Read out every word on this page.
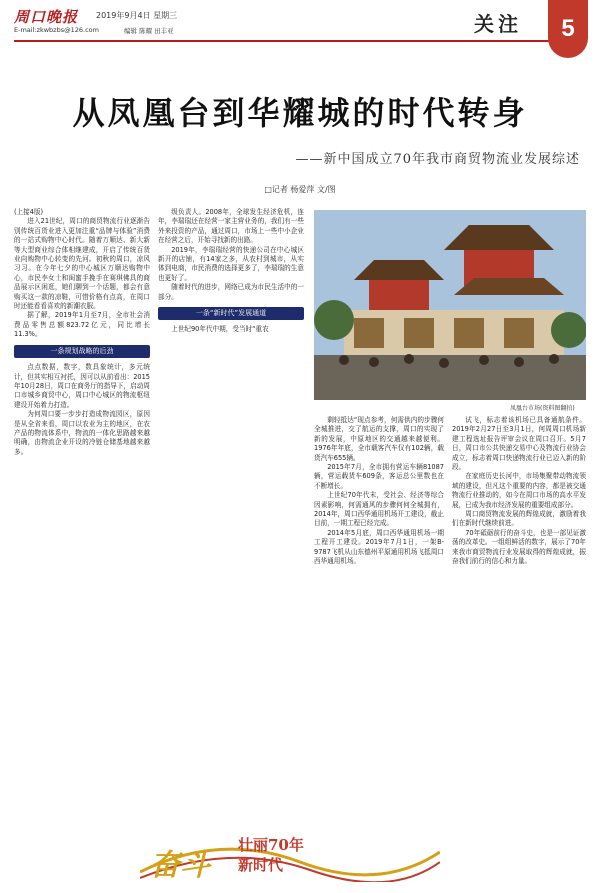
周口晚报 2019年9月4日 星期三
E-mail:zkwbzbs@126.com	编辑 陈耀 田丰亚	关注	5
从凤凰台到华耀城的时代转身
——新中国成立70年我市商贸物流业发展综述
□记者 杨爱萍 文/图

(上接4版)

进入21世纪，周口的商贸物流行业逐渐告别传统百货业进入更加注重“品牌与体验”消费的一站式购物中心时代。随着万顺达、新大新等大型商业综合体相继建成，开启了传统百货业向购物中心转变的先河。初秋的周口，凉风习习。在今年七夕的中心城区万顺达购物中心，市民李女士和闺蜜手挽手在赛琪佛具的商品展示区闲逛，她们聊到一个话题，都会有意购买这一款的凉鞋，可惜价格有点高，在周口时还能看看喜欢的新潮衣服。

据了解，2019年1月至7月，全市社会消费品零售总额823.72亿元，同比增长11.3%。

一条规划战略的后劲

点点数据，数字，数具象统计，多元统计，但其实相互衬托，因可以从前看出：2015年10月28日，周口在商务厅的指导下，启动周口市城乡商贸中心，周口中心城区的物流枢纽建设开始着力打造。

为何周口要一步步打造成物流园区，原因是从全省来看，周口以农业为主的地区，在农产品的物流体系中，物流的一体化思路越来越明确，由物流企业开设的冷链仓储基地越来越多。

级负责人。2008年，全球发生经济危机，连年，李瑞瑞还在经营一家主营业务的，我们有一些外来投资的产品，通过周口，市场上一些中小企业在经营之后，开始寻找新的出路。

2019年，李瑞瑞经营的快递公司在中心城区新开的店铺，有14家之多，从农村到城市，从实体到电商，市民消费的选择更多了，李瑞瑞的生意也更好了。

随着时代的进步，网络已成为市民生活中的一部分。

一条“新时代”发展通道

上世纪90年代中期，受当时“重农

凤凰台市场(资料图翻拍)

剩轻抵达“现点参考，何需供内的步骤何全城推进，交了航运的支撑，周口的实现了新的发展，中原地区的交通越来越便利。1976年年底，全市载客汽车仅有102辆，载货汽车655辆。

2015年7月，全市拥有营运车辆81087辆，营运载货车609条，客运总公里数也在不断增长。

上世纪70年代末，受社会、经济等综合因素影响，何需通风的步骤何何全城拥有，2014年，周口西华通用机场开工建设，截止目前，一期工程已经完成。

2014年5月底，周口西华通用机场一期工程开工建设。2019年7月1日，一架B-9787飞机从山东德州平原通用机场飞抵周口西华通用机场。

试飞，标志着该机场已具备通航条件。2019年2月27日至3月1日，何周周口机场新建工程选址报告评审会议在周口召开。5月7日，周口市公共快递交易中心及物流行业协会成立，标志着周口快递物流行业已迈入新的阶段。

在家庭历史长河中，市场集聚带动物流领域的建设，但凡这个重要的内容，都是被交通物流行业推动的，如今在周口市场的高水平发展，已成为我市经济发展的重要组成部分。

周口商贸物流发展的辉煌成就，激励着我们在新时代继续前进。

70年砥砺前行的奋斗史，也是一部见证激荡的改革史。一组组鲜活的数字，展示了70年来我市商贸物流行业发展取得的辉煌成就，振奋我们前行的信心和力量。

奋斗
壮丽70年
新时代
